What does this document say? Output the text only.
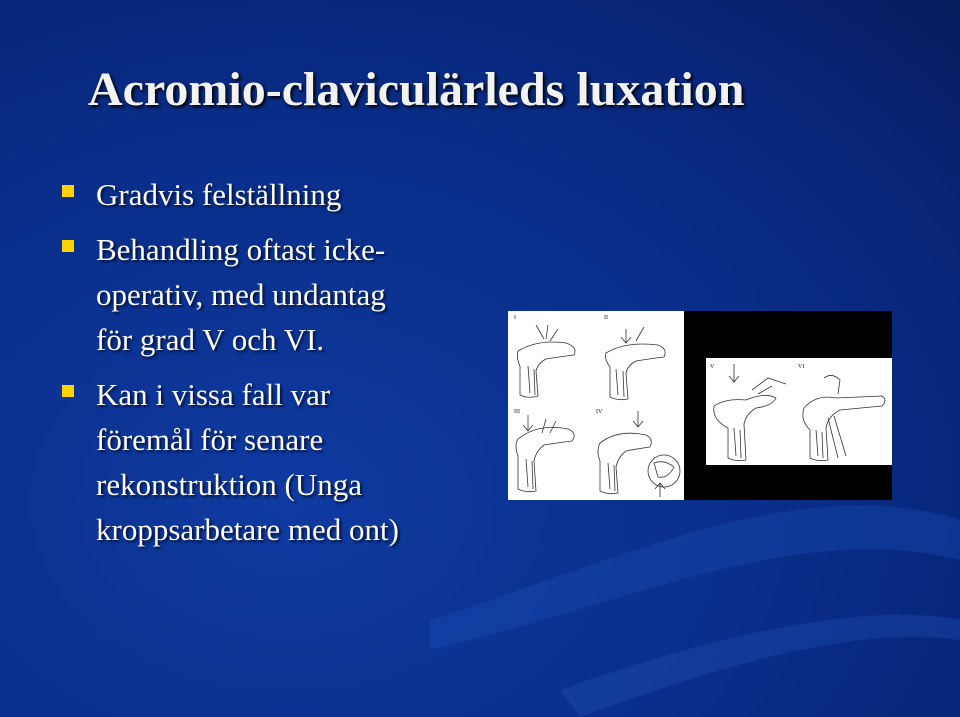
Acromio-claviculärleds luxation
Gradvis felställning
Behandling oftast icke-
operativ, med undantag
för grad V och VI.
Kan i vissa fall var
föremål för senare
rekonstruktion (Unga
kroppsarbetare med ont)
I	II
III	IV
V	VI
